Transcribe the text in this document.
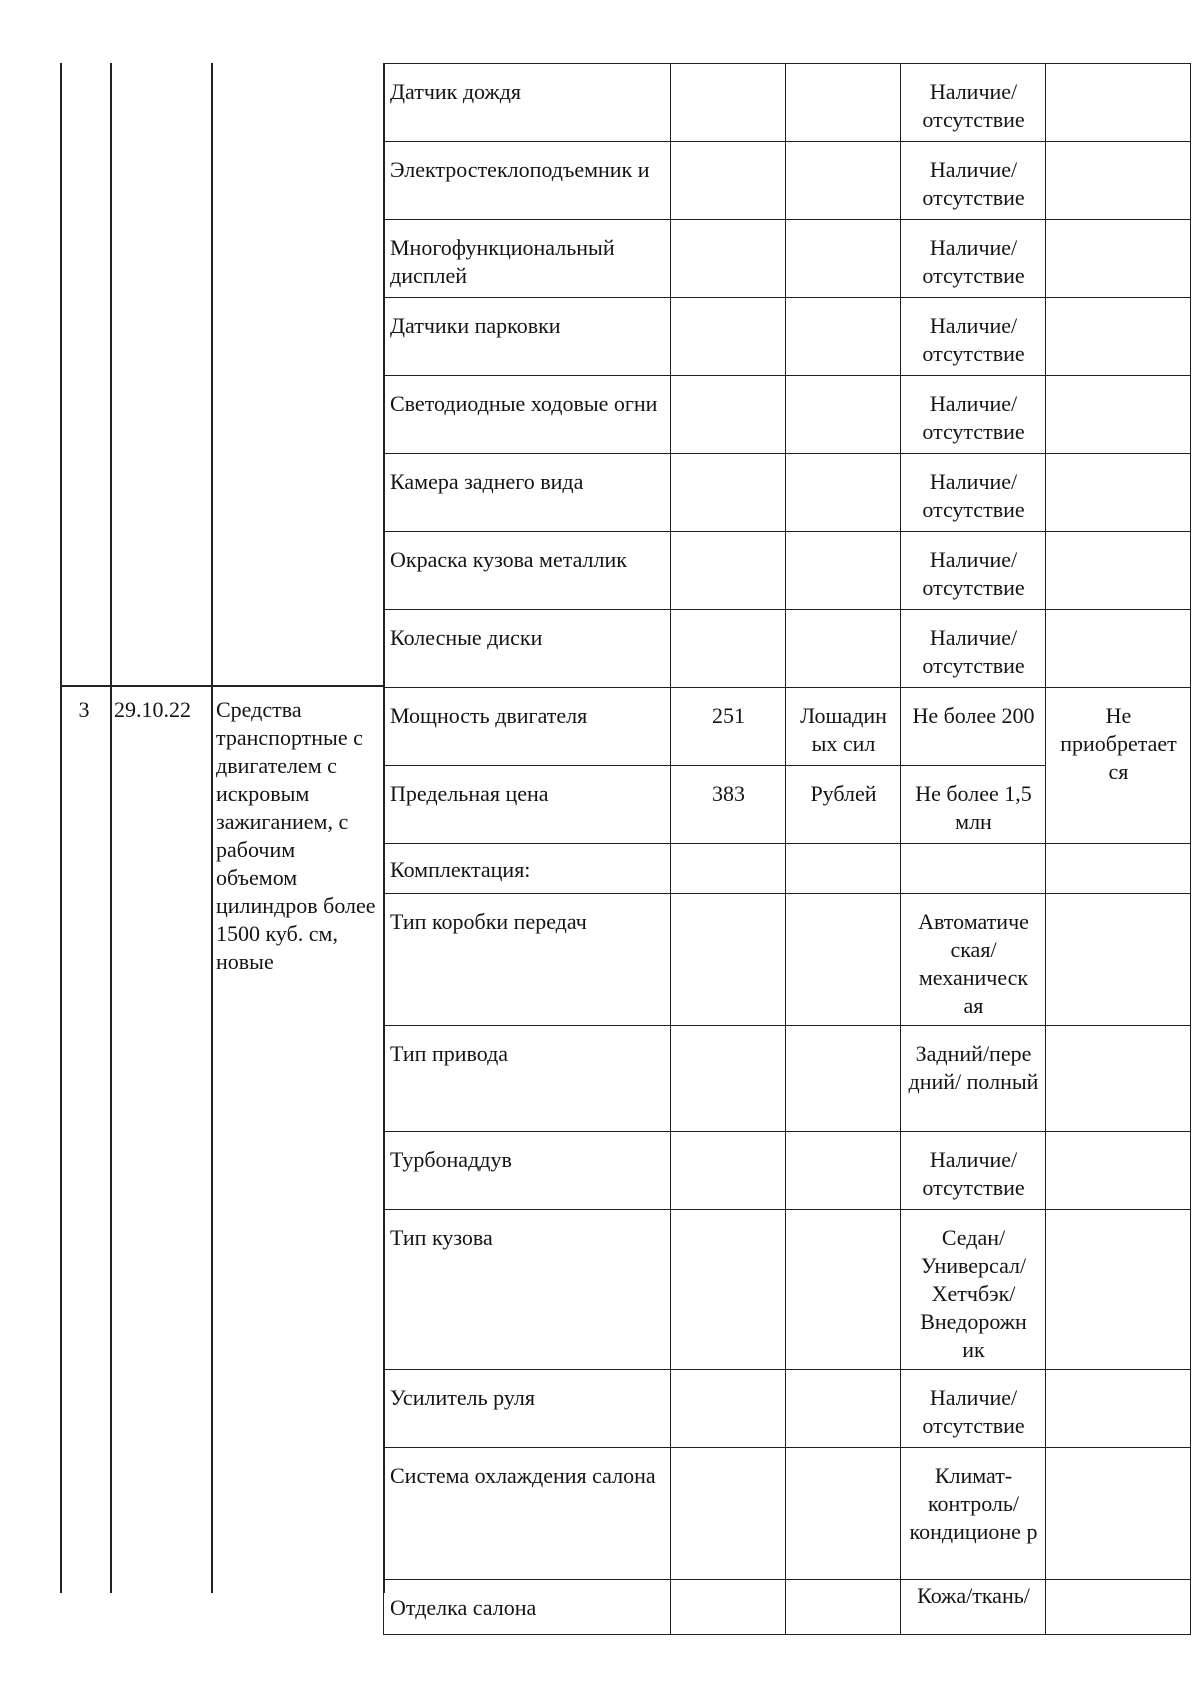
3	29.10.22	Средства транспортные с двигателем с искровым зажиганием, с рабочим объемом цилиндров более 1500 куб. см, новые
Датчик дождя			Наличие/ отсутствие	
Электростеклоподъемник и			Наличие/ отсутствие	
Многофункциональный дисплей			Наличие/ отсутствие	
Датчики парковки			Наличие/ отсутствие	
Светодиодные ходовые огни			Наличие/ отсутствие	
Камера заднего вида			Наличие/ отсутствие	
Окраска кузова металлик			Наличие/ отсутствие	
Колесные диски			Наличие/ отсутствие	
Мощность двигателя	251	Лошадин ых сил	Не более 200	Не приобретает ся
Предельная цена	383	Рублей	Не более 1,5 млн	
Комплектация:				
Тип коробки передач			Автоматиче ская/ механическ ая	
Тип привода			Задний/пере дний/ полный	
Турбонаддув			Наличие/ отсутствие	
Тип кузова			Седан/ Универсал/ Хетчбэк/ Внедорожн ик	
Усилитель руля			Наличие/ отсутствие	
Система охлаждения салона			Климат- контроль/ кондиционе р	
Отделка салона			Кожа/ткань/	
